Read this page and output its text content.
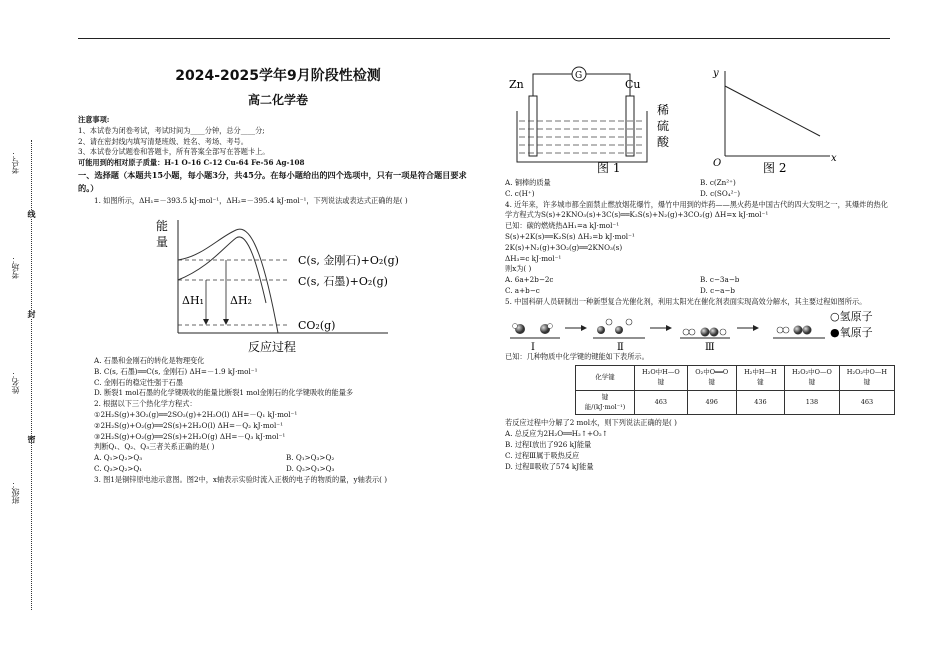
考号：
考场：
姓名：
班级：
线
封
密
2024-2025学年9月阶段性检测
高二化学卷
注意事项:
1、本试卷为闭卷考试，考试时间为____分钟，总分____分;
2、请在密封线内填写清楚班级、姓名、考场、考号。
3、本试卷分试题卷和答题卡，所有答案全部写在答题卡上。
可能用到的相对原子质量：H-1 O-16 C-12 Cu-64 Fe-56 Ag-108
一、选择题（本题共15小题，每小题3分，共45分。在每小题给出的四个选项中，只有一项是符合题目要求的。）
1. 如图所示，ΔH₁=－393.5 kJ·mol⁻¹，ΔH₂=－395.4 kJ·mol⁻¹，下列说法或表达式正确的是( )
能
量
ΔH₁ ΔH₂
C(s, 金刚石)+O₂(g)
C(s, 石墨)+O₂(g)
CO₂(g)
反应过程
A. 石墨和金刚石的转化是物理变化
B. C(s, 石墨)══C(s, 金刚石) ΔH=－1.9 kJ·mol⁻¹
C. 金刚石的稳定性强于石墨
D. 断裂1 mol石墨的化学键吸收的能量比断裂1 mol金刚石的化学键吸收的能量多
2. 根据以下三个热化学方程式：
①2H₂S(g)+3O₂(g)══2SO₂(g)+2H₂O(l) ΔH=－Q₁ kJ·mol⁻¹
②2H₂S(g)+O₂(g)══2S(s)+2H₂O(l) ΔH=－Q₂ kJ·mol⁻¹
③2H₂S(g)+O₂(g)══2S(s)+2H₂O(g) ΔH=－Q₃ kJ·mol⁻¹
判断Q₁、Q₂、Q₃三者关系正确的是( )
A. Q₁>Q₂>Q₃	B. Q₁>Q₃>Q₂
C. Q₃>Q₂>Q₁	D. Q₂>Q₁>Q₃
3. 图1是铜锌原电池示意图。图2中，x轴表示实验时流入正极的电子的物质的量，y轴表示( )
Zn	Cu
G
图 1
稀
硫
酸
y
x
O	图 2
A. 铜棒的质量	B. c(Zn²⁺)
C. c(H⁺)	D. c(SO₄²⁻)
4. 近年来，许多城市都全面禁止燃放烟花爆竹，爆竹中用到的炸药——黑火药是中国古代的四大发明之一，其爆炸的热化学方程式为S(s)+2KNO₃(s)+3C(s)══K₂S(s)+N₂(g)+3CO₂(g) ΔH=x kJ·mol⁻¹
已知：碳的燃烧热ΔH₁=a kJ·mol⁻¹
S(s)+2K(s)══K₂S(s) ΔH₂=b kJ·mol⁻¹
2K(s)+N₂(g)+3O₂(g)══2KNO₃(s)
ΔH₃=c kJ·mol⁻¹
则x为( )
A. 6a+2b−2c	B. c−3a−b
C. a+b−c	D. c−a−b
5. 中国科研人员研制出一种新型复合光催化剂，利用太阳光在催化剂表面实现高效分解水，其主要过程如图所示。
Ⅰ	Ⅱ	Ⅲ
○氢原子
●氧原子
已知：几种物质中化学键的键能如下表所示。
化学键	H₂O中H—O键	O₂中O══O键	H₂中H—H键	H₂O₂中O—O键	H₂O₂中O—H键
键能/(kJ·mol⁻¹)	463	496	436	138	463
若反应过程中分解了2 mol水，则下列说法正确的是( )
A. 总反应为2H₂O══H₂↑+O₂↑
B. 过程Ⅰ放出了926 kJ能量
C. 过程Ⅲ属于吸热反应
D. 过程Ⅱ吸收了574 kJ能量
